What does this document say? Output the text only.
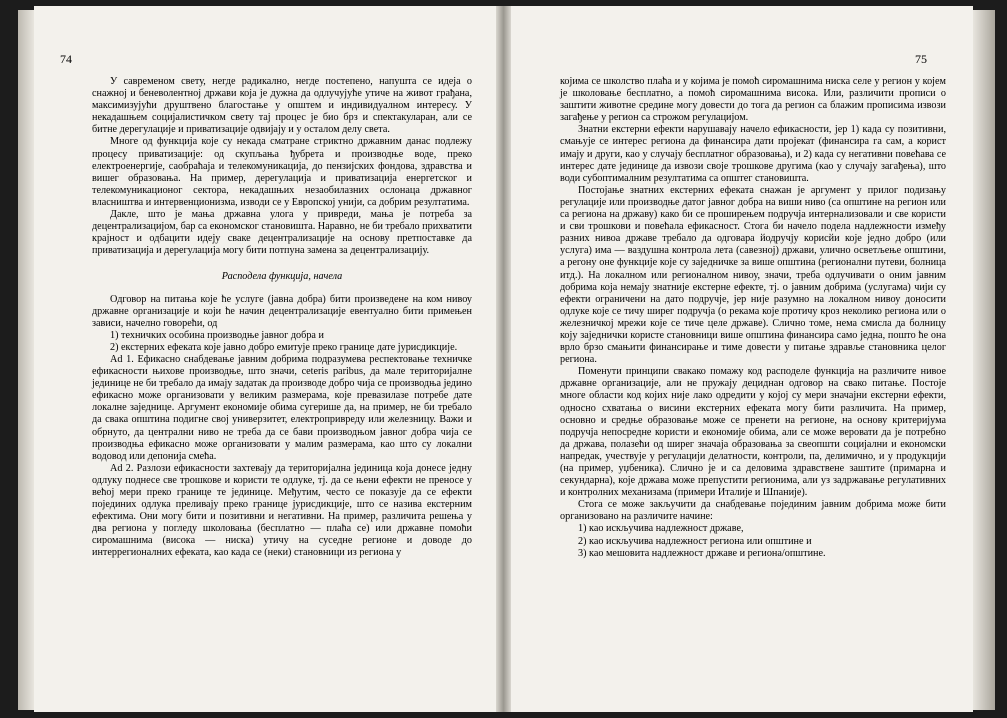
74	75

У савременом свету, негде радикално, негде постепено, напушта се идеја о снажној и беневолентној држави која је дужна да одлучујуће утиче на живот грађана, максимизујући друштвено благостање у општем и индивидуалном интересу. У некадашњем социјалистичком свету тај процес је био брз и спектакуларан, али се битне дерегулације и приватизације одвијају и у осталом делу света.

Многе од функција које су некада сматране стриктно државним данас подлежу процесу приватизације: од скупљања ђубрета и производње воде, преко електроенергије, саобраћаја и телекомуникација, до пензијских фондова, здравства и вишег образовања. На пример, дерегулација и приватизација енергетског и телекомуникационог сектора, некадашњих незаобилазних ослонаца државног власништва и интервенционизма, изводи се у Европској унији, са добрим резултатима.

Дакле, што је мања државна улога у привреди, мања је потреба за децентрализацијом, бар са економског становишта. Наравно, не би требало прихватити крајност и одбацити идеју сваке децентрализације на основу претпоставке да приватизација и дерегулација могу бити потпуна замена за децентрализацију.

Расподела функција, начела

Одговор на питања које ће услуге (јавна добра) бити произведене на ком нивоу државне организације и који ће начин децентрализације евентуално бити примењен зависи, начелно говорећи, од

1) техничких особина производње јавног добра и

2) екстерних ефеката које јавно добро емитује преко границе дате јурисдикције.

Ad 1. Ефикасно снабдевање јавним добрима подразумева респектовање техничке ефикасности њихове производње, што значи, ceteris paribus, да мале територијалне јединице не би требало да имају задатак да производе добро чија се производња једино ефикасно може организовати у великим размерама, које превазилазе потребе дате локалне заједнице. Аргумент економије обима сугерише да, на пример, не би требало да свака општина подигне свој универзитет, електропривреду или железницу. Важи и обрнуто, да централни ниво не треба да се бави производњом јавног добра чија се производња ефикасно може организовати у малим размерама, као што су локални водовод или депонија смећа.

Ad 2. Разлози ефикасности захтевају да територијална јединица која донесе једну одлуку поднесе све трошкове и користи те одлуке, тј. да се њени ефекти не преносе у већој мери преко границе те јединице. Међутим, често се показује да се ефекти појединих одлука преливају преко границе јурисдикције, што се назива екстерним ефектима. Они могу бити и позитивни и негативни. На пример, различита решења у два региона у погледу школовања (бесплатно — плаћа се) или државне помоћи сиромашнима (висока — ниска) утичу на суседне регионе и доводе до интеррегионалних ефеката, као када се (неки) становници из региона у

којима се школство плаћа и у којима је помоћ сиромашнима ниска селе у регион у којем је школовање бесплатно, а помоћ сиромашнима висока. Или, различити прописи о заштити животне средине могу довести до тога да регион са блажим прописима извози загађење у регион са строжом регулацијом.

Знатни екстерни ефекти нарушавају начело ефикасности, јер 1) када су позитивни, смањује се интерес региона да финансира дати пројекат (финансира га сам, а корист имају и други, као у случају бесплатног образовања), и 2) када су негативни повећава се интерес дате јединице да извози своје трошкове другима (као у случају загађења), што води субоптималним резултатима са општег становишта.

Постојање знатних екстерних ефеката снажан је аргумент у прилог подизању регулације или производње датог јавног добра на виши ниво (са општине на регион или са региона на државу) како би се проширењем подручја интернализовали и све користи и сви трошкови и повећала ефикасност. Стога би начело подела надлежности између разних нивоа државе требало да одговара йодручју корисйи које једно добро (или услуга) има — ваздушна контрола лета (савезној) држави, улично осветљење општини, а регону оне функције које су заједничке за више општина (регионални путеви, болница итд.). На локалном или регионалном нивоу, значи, треба одлучивати о оним јавним добрима која немају знатније екстерне ефекте, тј. о јавним добрима (услугама) чији су ефекти ограничени на дато подручје, јер није разумно на локалном нивоу доносити одлуке које се тичу ширег подручја (о рекама које протичу кроз неколико региона или о железничкој мрежи које се тиче целе државе). Слично томе, нема смисла да болницу коју заједнички користе становници више општина финансира само једна, пошто ће она врло брзо смањити финансирање и тиме довести у питање здравље становника целог региона.

Поменути принципи свакако помажу код расподеле функција на различите нивое државне организације, али не пружају дециднан одговор на свако питање. Постоје многе области код којих није лако одредити у којој су мери значајни екстерни ефекти, односно схватања о висини екстерних ефеката могу бити различита. На пример, основно и средње образовање може се пренети на регионе, на основу критеријума подручја непосредне користи и економије обима, али се може веровати да је потребно да држава, полазећи од ширег значаја образовања за свеопшти социјални и економски напредак, учествује у регулацији делатности, контроли, па, делимично, и у продукцији (на пример, уџбеника). Слично је и са деловима здравствене заштите (примарна и секундарна), које држава може препустити регионима, али уз задржавање регулативних и контролних механизама (примери Италије и Шпаније).

Стога се може закључити да снабдевање појединим јавним добрима може бити организовано на различите начине:

1) као искључива надлежност државе,

2) као искључива надлежност региона или општине и

3) као мешовита надлежност државе и региона/општине.
